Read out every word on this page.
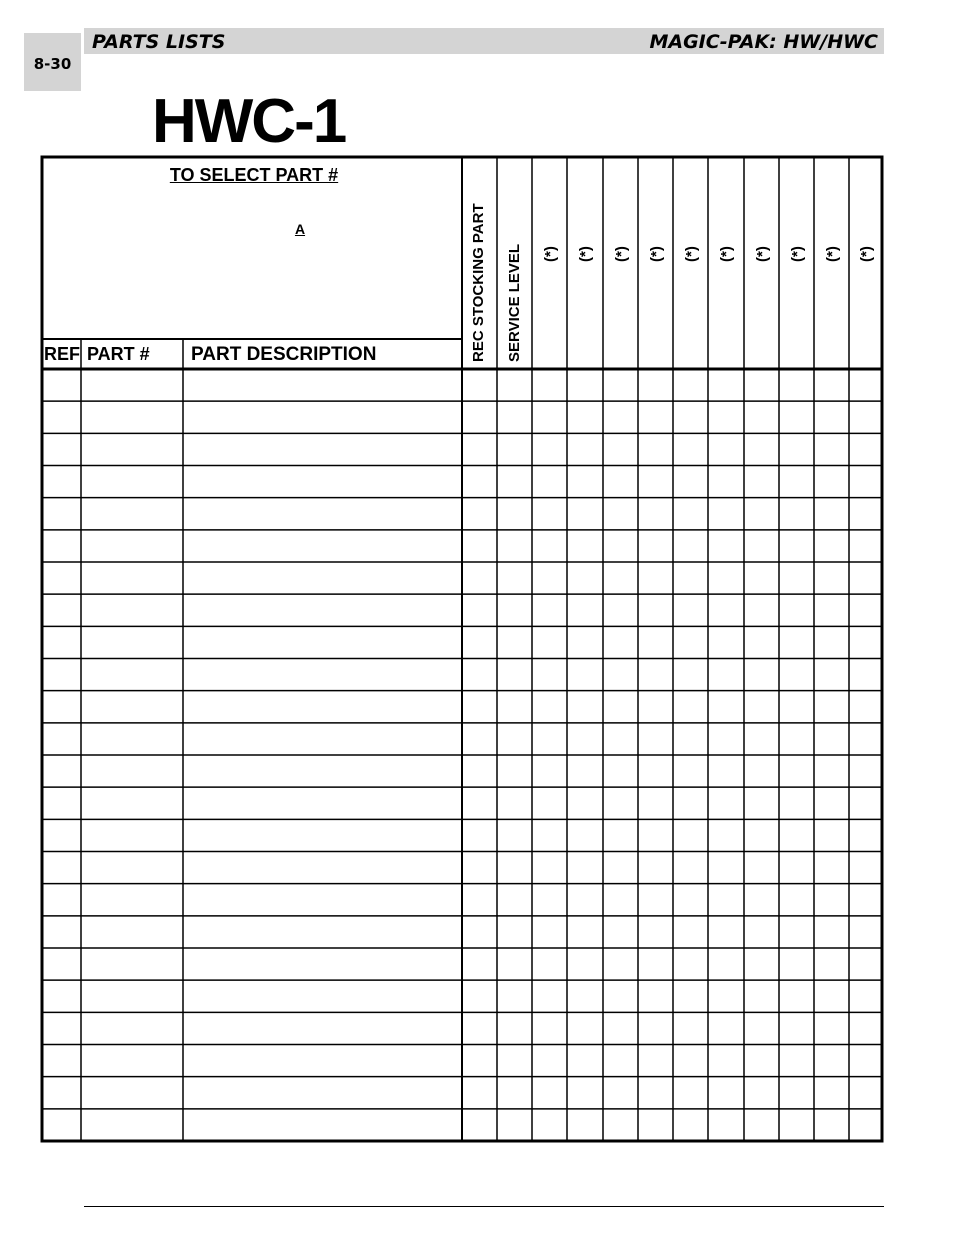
8-30
PARTS LISTS	MAGIC-PAK: HW/HWC
HWC-1
TO SELECT PART #
A
REF PART # PART DESCRIPTION	REC STOCKING PART SERVICE LEVEL (*) (*) (*) (*) (*) (*) (*) (*) (*) (*)
